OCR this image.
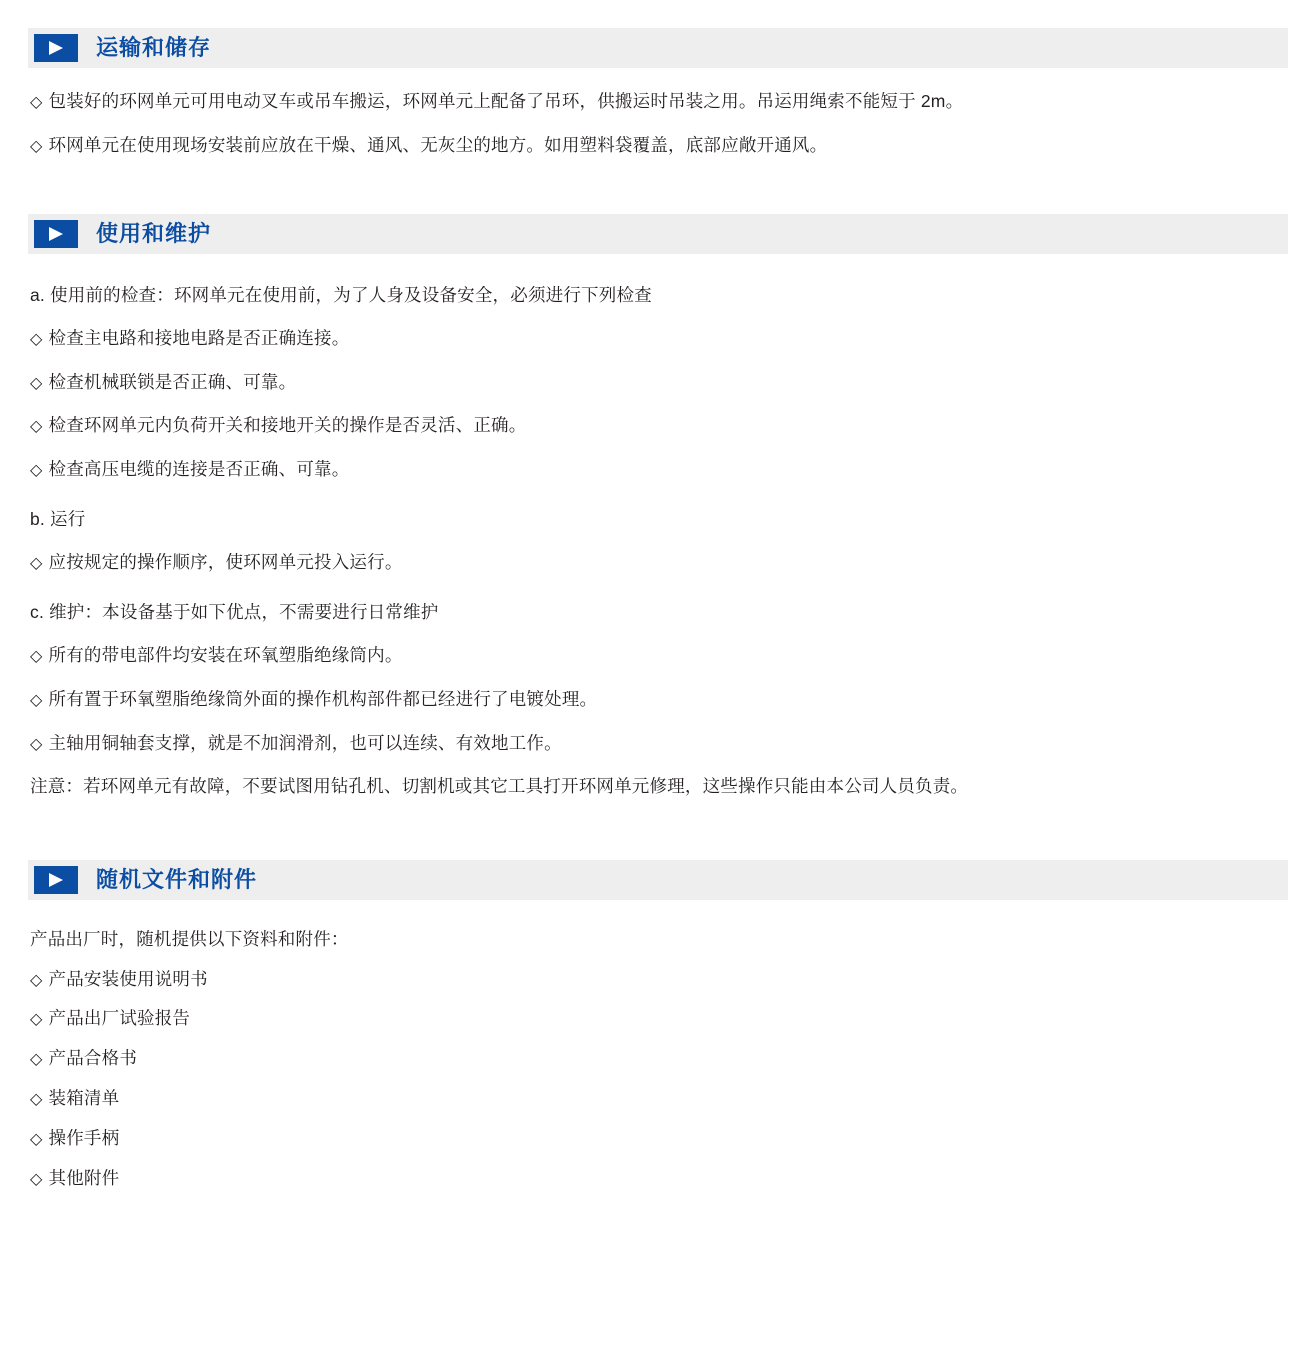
运输和储存

◇ 包装好的环网单元可用电动叉车或吊车搬运，环网单元上配备了吊环，供搬运时吊装之用。吊运用绳索不能短于 2m。

◇ 环网单元在使用现场安装前应放在干燥、通风、无灰尘的地方。如用塑料袋覆盖，底部应敞开通风。

使用和维护

a. 使用前的检查：环网单元在使用前，为了人身及设备安全，必须进行下列检查

◇ 检查主电路和接地电路是否正确连接。

◇ 检查机械联锁是否正确、可靠。

◇ 检查环网单元内负荷开关和接地开关的操作是否灵活、正确。

◇ 检查高压电缆的连接是否正确、可靠。

b. 运行

◇ 应按规定的操作顺序，使环网单元投入运行。

c. 维护：本设备基于如下优点，不需要进行日常维护

◇ 所有的带电部件均安装在环氧塑脂绝缘筒内。

◇ 所有置于环氧塑脂绝缘筒外面的操作机构部件都已经进行了电镀处理。

◇ 主轴用铜轴套支撑，就是不加润滑剂，也可以连续、有效地工作。

注意：若环网单元有故障，不要试图用钻孔机、切割机或其它工具打开环网单元修理，这些操作只能由本公司人员负责。

随机文件和附件

产品出厂时，随机提供以下资料和附件：

◇ 产品安装使用说明书

◇ 产品出厂试验报告

◇ 产品合格书

◇ 装箱清单

◇ 操作手柄

◇ 其他附件
